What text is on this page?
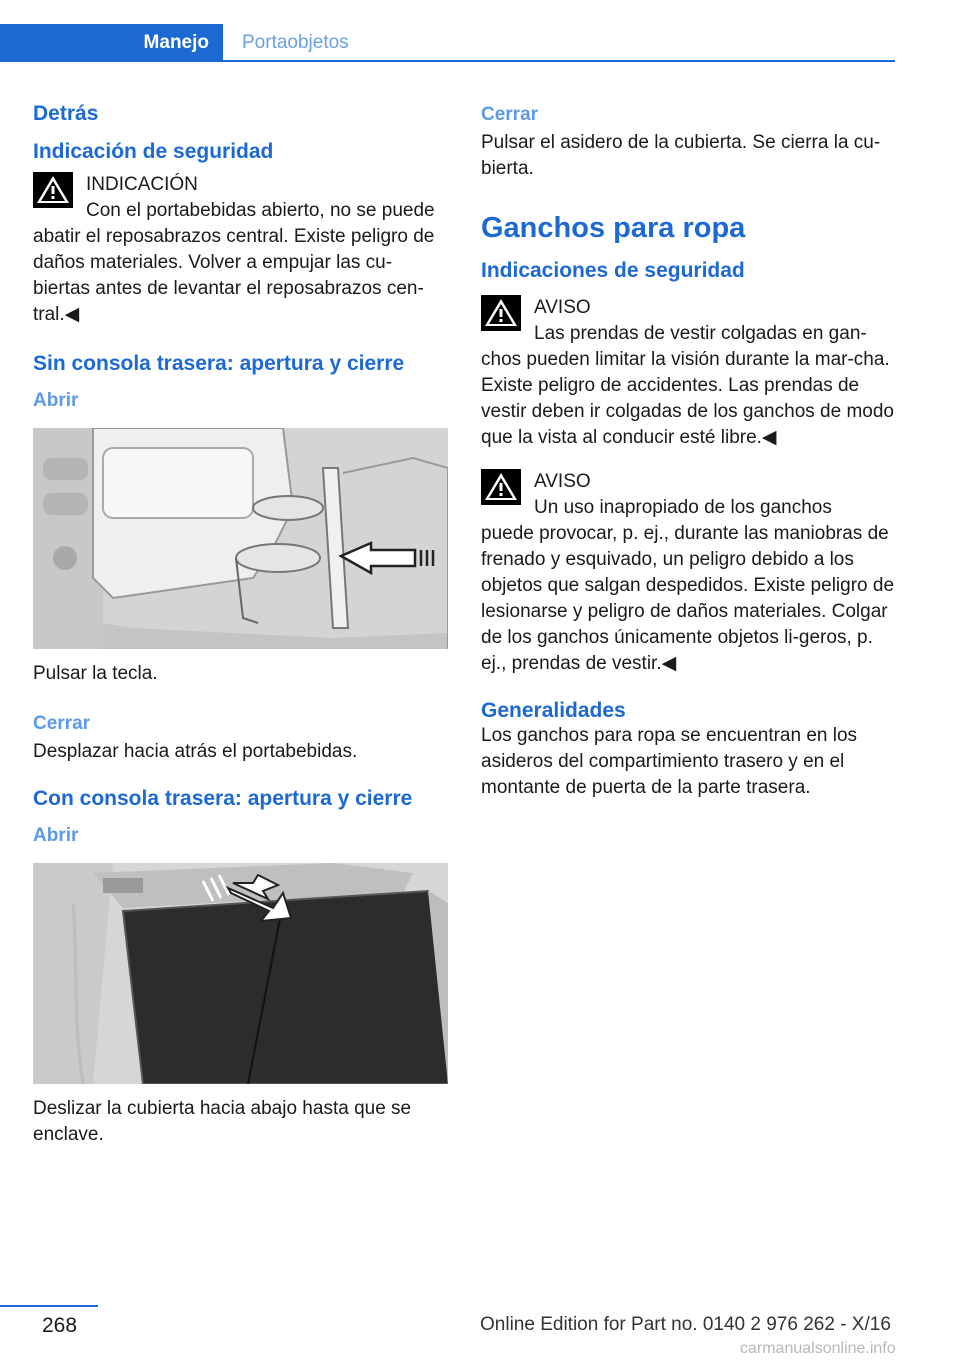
Manejo Portaobjetos
Detrás
Indicación de seguridad

INDICACIÓN

Con el portabebidas abierto, no se puede

abatir el reposabrazos central. Existe peligro de daños materiales. Volver a empujar las cu‐biertas antes de levantar el reposabrazos cen‐tral.◀

Sin consola trasera: apertura y cierre
Abrir

Pulsar la tecla.

Cerrar

Desplazar hacia atrás el portabebidas.

Con consola trasera: apertura y cierre
Abrir

Deslizar la cubierta hacia abajo hasta que se enclave.

Cerrar

Pulsar el asidero de la cubierta. Se cierra la cu‐bierta.

Ganchos para ropa
Indicaciones de seguridad

AVISO

Las prendas de vestir colgadas en gan‐

chos pueden limitar la visión durante la mar‐cha. Existe peligro de accidentes. Las prendas de vestir deben ir colgadas de los ganchos de modo que la vista al conducir esté libre.◀

AVISO

Un uso inapropiado de los ganchos

puede provocar, p. ej., durante las maniobras de frenado y esquivado, un peligro debido a los objetos que salgan despedidos. Existe peligro de lesionarse y peligro de daños materiales. Colgar de los ganchos únicamente objetos li‐geros, p. ej., prendas de vestir.◀

Generalidades

Los ganchos para ropa se encuentran en los asideros del compartimiento trasero y en el montante de puerta de la parte trasera.

268	Online Edition for Part no. 0140 2 976 262 - X/16
carmanualsonline.info
